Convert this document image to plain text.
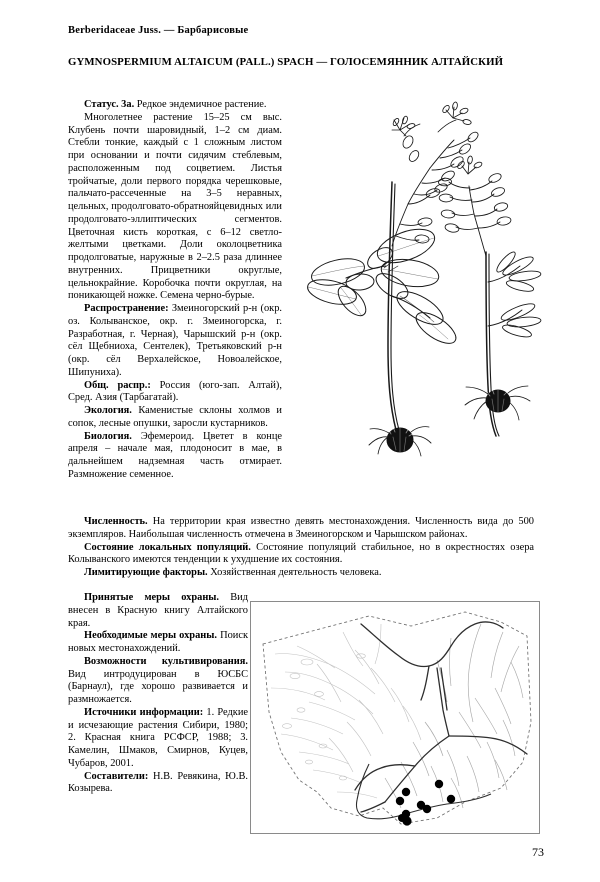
Berberidaceae Juss. — Барбарисовые
GYMNOSPERMIUM ALTAICUM (PALL.) SPACH — ГОЛОСЕМЯННИК АЛТАЙСКИЙ

Статус. 3а. Редкое эндемичное растение.

Многолетнее растение 15–25 см выс. Клубень почти шаровидный, 1–2 см диам. Стебли тонкие, каждый с 1 сложным листом при основании и почти сидячим стеблевым, расположенным под соцветием. Листья тройчатые, доли первого порядка черешковые, пальчато-рассеченные на 3–5 неравных, цельных, продолговато-обратнояйцевидных или продолговато-эллиптических сегментов. Цветочная кисть короткая, с 6–12 светло-желтыми цветками. Доли околоцветника продолговатые, наружные в 2–2.5 раза длиннее внутренних. Прицветники округлые, цельнокрайние. Коробочка почти округлая, на поникающей ножке. Семена черно-бурые.

Распространение: Змеиногорский р-н (окр. оз. Колыванское, окр. г. Змеиногорска, г. Разработная, г. Черная), Чарышский р-н (окр. сёл Щебниоха, Сентелек), Третьяковский р-н (окр. сёл Верхалейское, Новоалейское, Шипуниха).

Общ. распр.: Россия (юго-зап. Алтай), Сред. Азия (Тарбагатай).

Экология. Каменистые склоны холмов и сопок, лесные опушки, заросли кустарников.

Биология. Эфемероид. Цветет в конце апреля – начале мая, плодоносит в мае, в дальнейшем надземная часть отмирает. Размножение семенное.

Численность. На территории края известно девять местонахождения. Численность вида до 500 экземпляров. Наибольшая численность отмечена в Змеиногорском и Чарышском районах.

Состояние локальных популяций. Состояние популяций стабильное, но в окрестностях озера Колыванского имеются тенденции к ухудшение их состояния.

Лимитирующие факторы. Хозяйственная деятельность человека.

Принятые меры охраны. Вид внесен в Красную книгу Алтайского края.

Необходимые меры охраны. Поиск новых местонахождений.

Возможности культивирования. Вид интродуцирован в ЮСБС (Барнаул), где хорошо развивается и размножается.

Источники информации: 1. Редкие и исчезающие растения Сибири, 1980; 2. Красная книга РСФСР, 1988; 3. Камелин, Шмаков, Смирнов, Куцев, Чубаров, 2001.

Составители: Н.В. Ревякина, Ю.В. Козырева.

73
